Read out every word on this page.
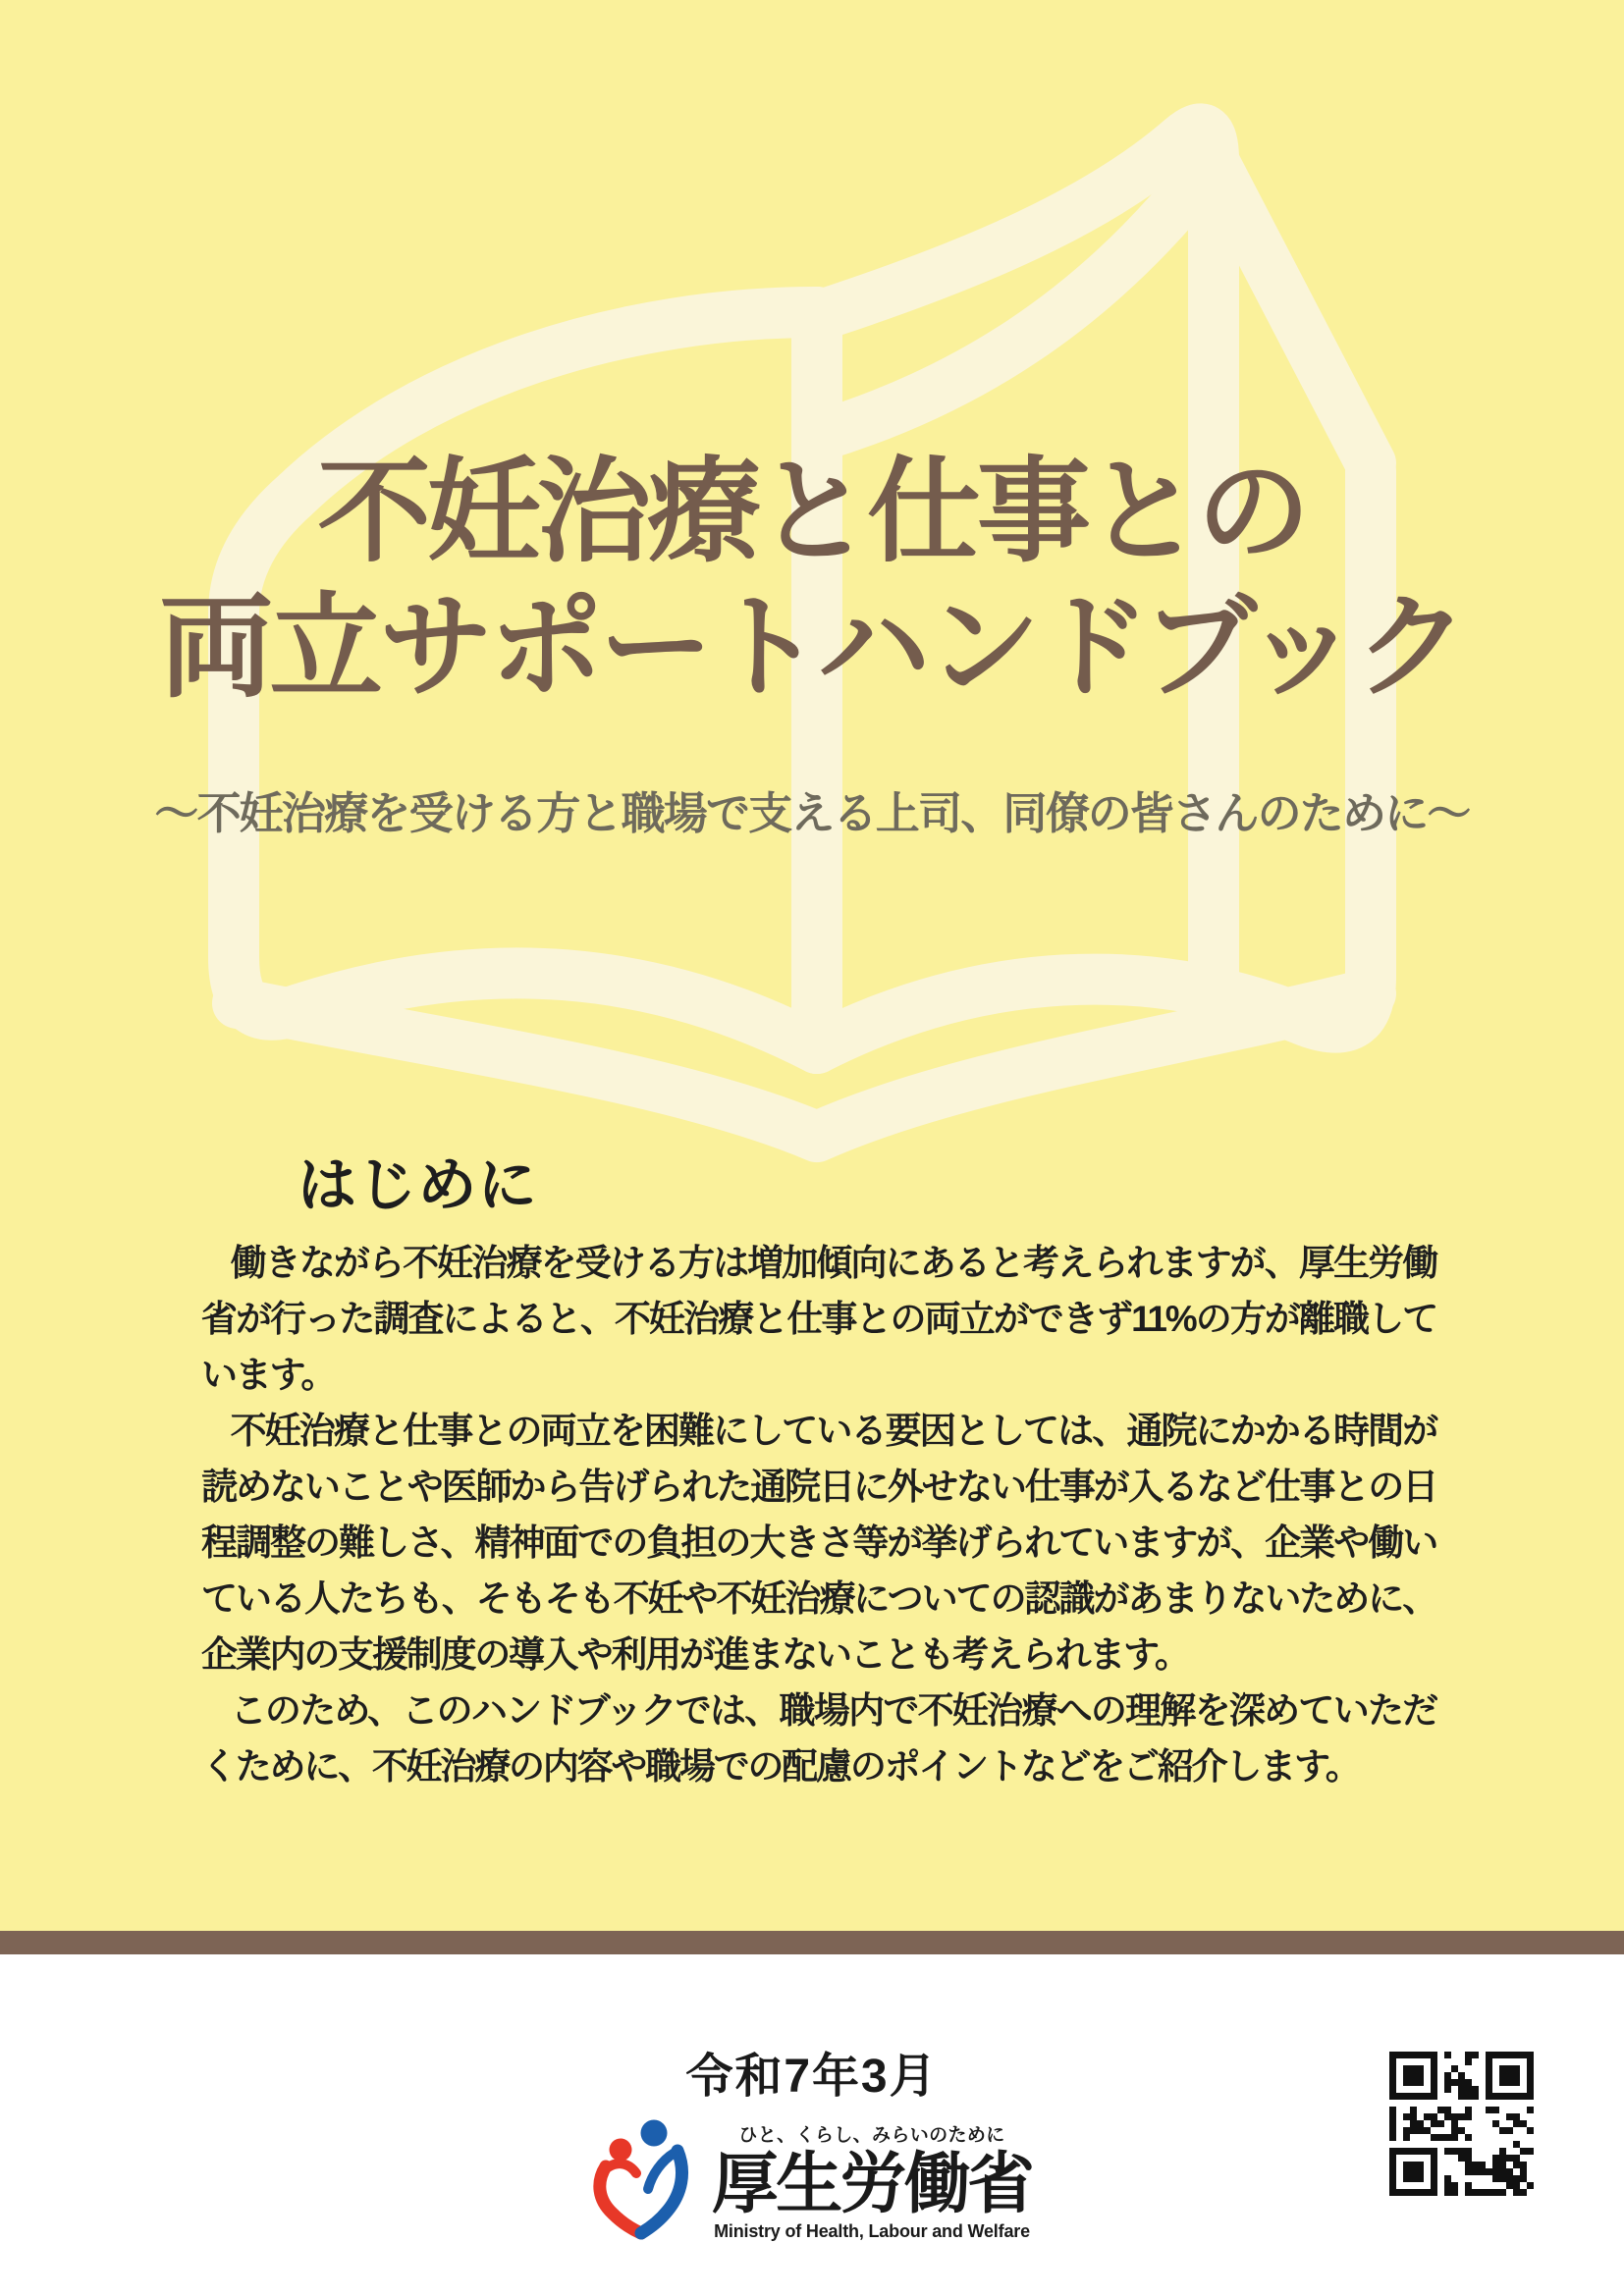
不妊治療と仕事との
両立サポートハンドブック
〜不妊治療を受ける方と職場で支える上司、同僚の皆さんのために〜
はじめに

働きながら不妊治療を受ける方は増加傾向にあると考えられますが、厚生労働省が行った調査によると、不妊治療と仕事との両立ができず11%の方が離職しています。

不妊治療と仕事との両立を困難にしている要因としては、通院にかかる時間が読めないことや医師から告げられた通院日に外せない仕事が入るなど仕事との日程調整の難しさ、精神面での負担の大きさ等が挙げられていますが、企業や働いている人たちも、そもそも不妊や不妊治療についての認識があまりないために、企業内の支援制度の導入や利用が進まないことも考えられます。

このため、このハンドブックでは、職場内で不妊治療への理解を深めていただくために、不妊治療の内容や職場での配慮のポイントなどをご紹介します。

令和7年3月
ひと、くらし、みらいのために
厚生労働省
Ministry of Health, Labour and Welfare
